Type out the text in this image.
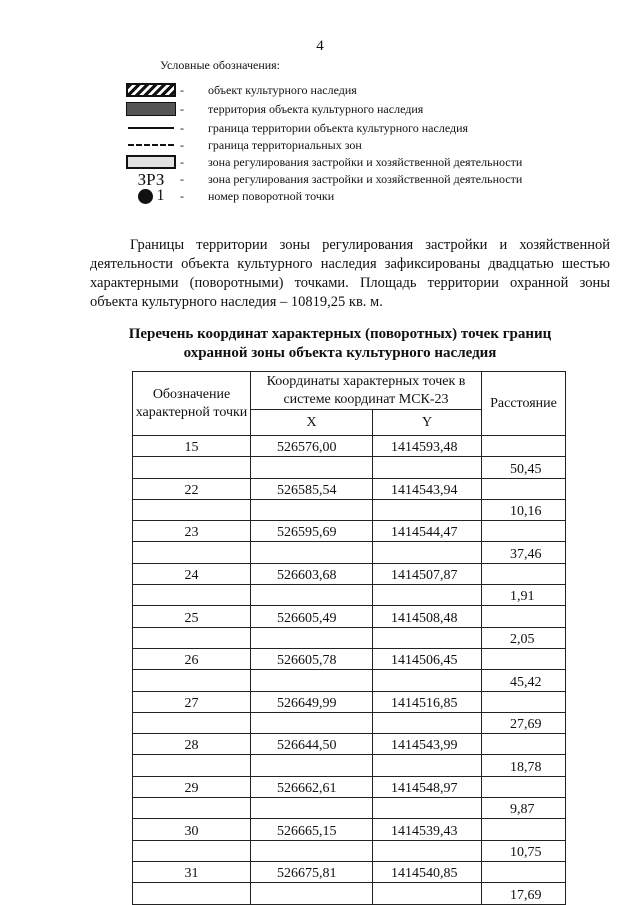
4
Условные обозначения:
-	объект культурного наследия
-	территория объекта культурного наследия
-	граница территории объекта культурного наследия
-	граница территориальных зон
-	зона регулирования застройки и хозяйственной деятельности
ЗРЗ	-	зона регулирования застройки и хозяйственной деятельности
1	-	номер поворотной точки
Границы территории зоны регулирования застройки и хозяйственной деятельности объекта культурного наследия зафиксированы двадцатью шестью характерными (поворотными) точками. Площадь территории охранной зоны объекта культурного наследия – 10819,25 кв. м.
Перечень координат характерных (поворотных) точек границ охранной зоны объекта культурного наследия
Обозначение характерной точки	Координаты характерных точек в системе координат МСК-23		Расстояние
	X	Y	
15	526576,00	1414593,48	
			50,45
22	526585,54	1414543,94	
			10,16
23	526595,69	1414544,47	
			37,46
24	526603,68	1414507,87	
			1,91
25	526605,49	1414508,48	
			2,05
26	526605,78	1414506,45	
			45,42
27	526649,99	1414516,85	
			27,69
28	526644,50	1414543,99	
			18,78
29	526662,61	1414548,97	
			9,87
30	526665,15	1414539,43	
			10,75
31	526675,81	1414540,85	
			17,69
